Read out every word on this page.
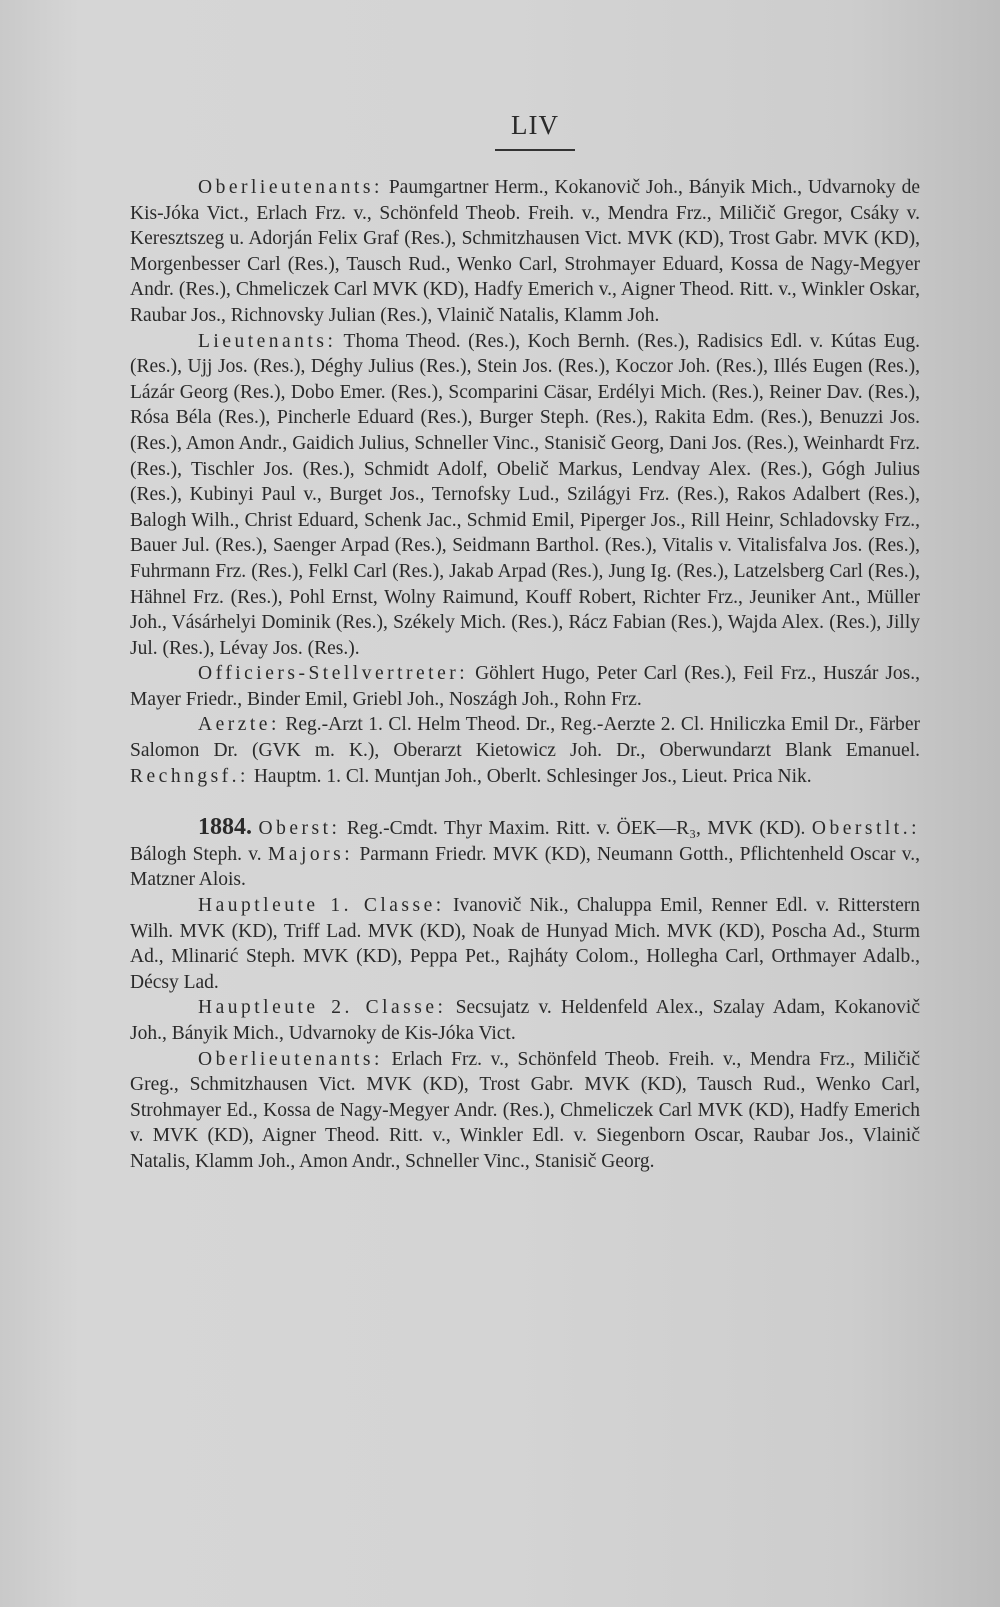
LIV

Oberlieutenants: Paumgartner Herm., Kokanovič Joh., Bányik Mich., Udvarnoky de Kis-Jóka Vict., Erlach Frz. v., Schönfeld Theob. Freih. v., Mendra Frz., Miličič Gregor, Csáky v. Keresztszeg u. Adorján Felix Graf (Res.), Schmitzhausen Vict. MVK (KD), Trost Gabr. MVK (KD), Morgenbesser Carl (Res.), Tausch Rud., Wenko Carl, Strohmayer Eduard, Kossa de Nagy-Megyer Andr. (Res.), Chmeliczek Carl MVK (KD), Hadfy Emerich v., Aigner Theod. Ritt. v., Winkler Oskar, Raubar Jos., Richnovsky Julian (Res.), Vlainič Natalis, Klamm Joh.

Lieutenants: Thoma Theod. (Res.), Koch Bernh. (Res.), Radisics Edl. v. Kútas Eug. (Res.), Ujj Jos. (Res.), Déghy Julius (Res.), Stein Jos. (Res.), Koczor Joh. (Res.), Illés Eugen (Res.), Lázár Georg (Res.), Dobo Emer. (Res.), Scomparini Cäsar, Erdélyi Mich. (Res.), Reiner Dav. (Res.), Rósa Béla (Res.), Pincherle Eduard (Res.), Burger Steph. (Res.), Rakita Edm. (Res.), Benuzzi Jos. (Res.), Amon Andr., Gaidich Julius, Schneller Vinc., Stanisič Georg, Dani Jos. (Res.), Weinhardt Frz. (Res.), Tischler Jos. (Res.), Schmidt Adolf, Obelič Markus, Lendvay Alex. (Res.), Gógh Julius (Res.), Kubinyi Paul v., Burget Jos., Ternofsky Lud., Szilágyi Frz. (Res.), Rakos Adalbert (Res.), Balogh Wilh., Christ Eduard, Schenk Jac., Schmid Emil, Piperger Jos., Rill Heinr, Schladovsky Frz., Bauer Jul. (Res.), Saenger Arpad (Res.), Seidmann Barthol. (Res.), Vitalis v. Vitalisfalva Jos. (Res.), Fuhrmann Frz. (Res.), Felkl Carl (Res.), Jakab Arpad (Res.), Jung Ig. (Res.), Latzelsberg Carl (Res.), Hähnel Frz. (Res.), Pohl Ernst, Wolny Raimund, Kouff Robert, Richter Frz., Jeuniker Ant., Müller Joh., Vásárhelyi Dominik (Res.), Székely Mich. (Res.), Rácz Fabian (Res.), Wajda Alex. (Res.), Jilly Jul. (Res.), Lévay Jos. (Res.).

Officiers-Stellvertreter: Göhlert Hugo, Peter Carl (Res.), Feil Frz., Huszár Jos., Mayer Friedr., Binder Emil, Griebl Joh., Noszágh Joh., Rohn Frz.

Aerzte: Reg.-Arzt 1. Cl. Helm Theod. Dr., Reg.-Aerzte 2. Cl. Hniliczka Emil Dr., Färber Salomon Dr. (GVK m. K.), Oberarzt Kietowicz Joh. Dr., Oberwundarzt Blank Emanuel. Rechngsf.: Hauptm. 1. Cl. Muntjan Joh., Oberlt. Schlesinger Jos., Lieut. Prica Nik.

1884. Oberst: Reg.-Cmdt. Thyr Maxim. Ritt. v. ÖEK—R₃, MVK (KD). Oberstlt.: Bálogh Steph. v. Majors: Parmann Friedr. MVK (KD), Neumann Gotth., Pflichtenheld Oscar v., Matzner Alois.

Hauptleute 1. Classe: Ivanovič Nik., Chaluppa Emil, Renner Edl. v. Ritterstern Wilh. MVK (KD), Triff Lad. MVK (KD), Noak de Hunyad Mich. MVK (KD), Poscha Ad., Sturm Ad., Mlinarić Steph. MVK (KD), Peppa Pet., Rajháty Colom., Hollegha Carl, Orthmayer Adalb., Décsy Lad.

Hauptleute 2. Classe: Secsujatz v. Heldenfeld Alex., Szalay Adam, Kokanovič Joh., Bányik Mich., Udvarnoky de Kis-Jóka Vict.

Oberlieutenants: Erlach Frz. v., Schönfeld Theob. Freih. v., Mendra Frz., Miličič Greg., Schmitzhausen Vict. MVK (KD), Trost Gabr. MVK (KD), Tausch Rud., Wenko Carl, Strohmayer Ed., Kossa de Nagy-Megyer Andr. (Res.), Chmeliczek Carl MVK (KD), Hadfy Emerich v. MVK (KD), Aigner Theod. Ritt. v., Winkler Edl. v. Siegenborn Oscar, Raubar Jos., Vlainič Natalis, Klamm Joh., Amon Andr., Schneller Vinc., Stanisič Georg.
